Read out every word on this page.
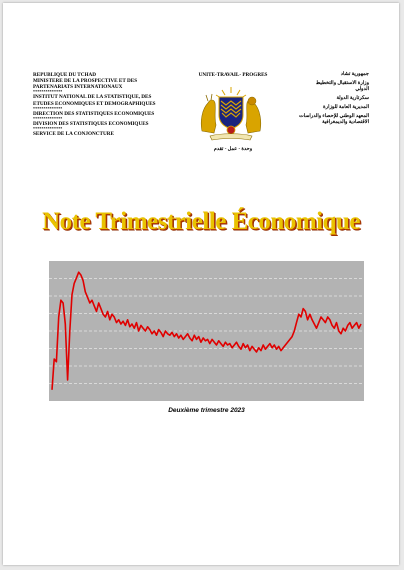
REPUBLIQUE DU TCHAD
MINISTERE DE LA PROSPECTIVE ET DES
PARTENARIATS INTERNATIONAUX
**************
INSTITUT NATIONAL DE LA STATISTIQUE, DES
ETUDES ECONOMIQUES ET DEMOGRAPHIQUES
**************
DIRECTION DES STATISTIQUES ECONOMIQUES
**************
DIVISION DES STATISTIQUES ECONOMIQUES
**************
SERVICE DE LA CONJONCTURE
UNITE-TRAVAIL- PROGRES
وحدة - عمل - تقدم
جمهورية تشاد
وزارة الاستقبال والتخطيط
الدولي
سكرتارية الدولة
المديرية العامة للوزارة
المعهد الوطني للإحصاء والدراسات
الاقتصادية والديمغرافية
Note Trimestrielle Économique
Deuxième trimestre 2023
